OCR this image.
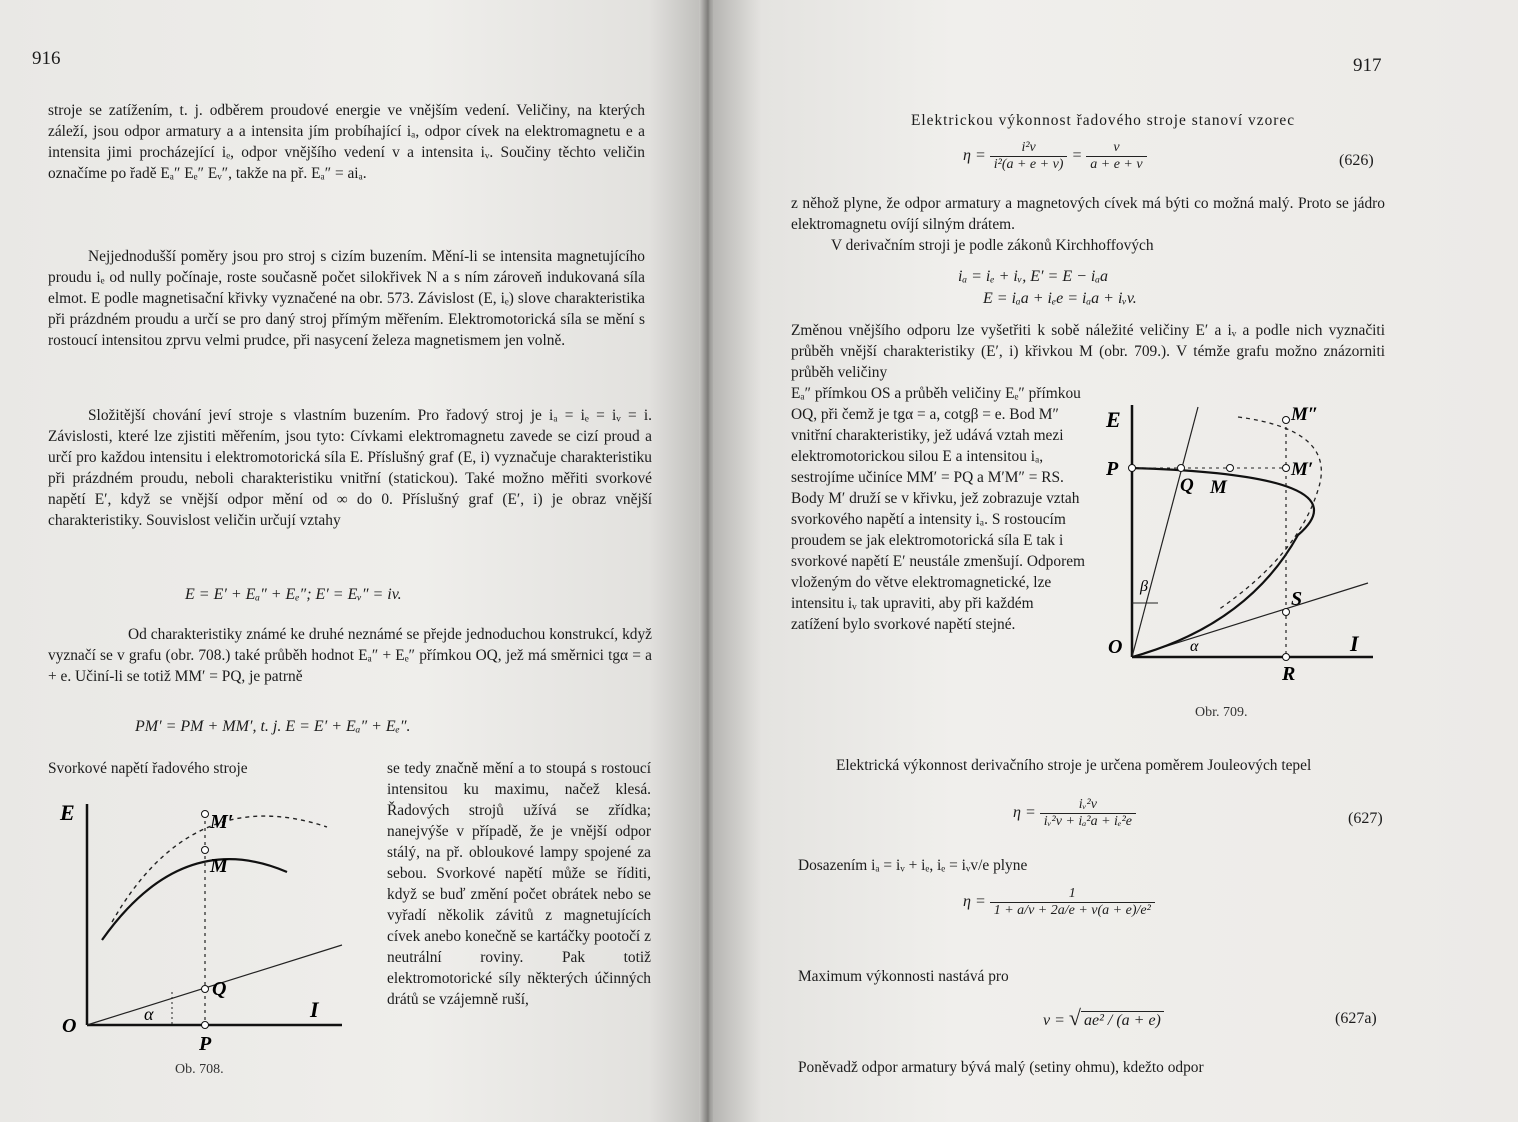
916

stroje se zatížením, t. j. odběrem proudové energie ve vnějším vedení. Veličiny, na kterých záleží, jsou odpor armatury a a intensita jím probíhající iₐ, odpor cívek na elektromagnetu e a intensita jimi procházející iₑ, odpor vnějšího vedení v a intensita iᵥ. Součiny těchto veličin označíme po řadě Eₐ″ Eₑ″ Eᵥ″, takže na př. Eₐ″ = aiₐ.

Nejjednodušší poměry jsou pro stroj s cizím buzením. Mění-li se intensita magnetujícího proudu iₑ od nully počínaje, roste současně počet silokřivek N a s ním zároveň indukovaná síla elmot. E podle magnetisační křivky vyznačené na obr. 573. Závislost (E, iₑ) slove charakteristika při prázdném proudu a určí se pro daný stroj přímým měřením. Elektromotorická síla se mění s rostoucí intensitou zprvu velmi prudce, při nasycení železa magnetismem jen volně.

Složitější chování jeví stroje s vlastním buzením. Pro řadový stroj je iₐ = iₑ = iᵥ = i. Závislosti, které lze zjistiti měřením, jsou tyto: Cívkami elektromagnetu zavede se cizí proud a určí pro každou intensitu i elektromotorická síla E. Příslušný graf (E, i) vyznačuje charakteristiku při prázdném proudu, neboli charakteristiku vnitřní (statickou). Také možno měřiti svorkové napětí E′, když se vnější odpor mění od ∞ do 0. Příslušný graf (E′, i) je obraz vnější charakteristiky. Souvislost veličin určují vztahy

E = E′ + Eₐ″ + Eₑ″; E′ = Eᵥ″ = iv.

Od charakteristiky známé ke druhé neznámé se přejde jednoduchou konstrukcí, když vyznačí se v grafu (obr. 708.) také průběh hodnot Eₐ″ + Eₑ″ přímkou OQ, jež má směrnici tgα = a + e. Učiní-li se totiž MM′ = PQ, je patrně

PM′ = PM + MM′, t. j. E = E′ + Eₐ″ + Eₑ″.

Svorkové napětí řadového stroje	se tedy značně mění a to stoupá s rostoucí intensitou ku maximu, načež klesá. Řadových strojů užívá se zřídka; nanejvýše v případě, že je vnější odpor stálý, na př. obloukové lampy spojené za sebou. Svorkové napětí může se říditi, když se buď změní počet obrátek nebo se vyřadí několik závitů z magnetujících cívek anebo konečně se kartáčky pootočí z neutrální roviny. Pak totiž elektromotorické síly některých účinných drátů se vzájemně ruší,

E
O
I
M′
M
Q
P
α
Ob. 708.
917

Elektrickou výkonnost řadového stroje stanoví vzorec

$\eta = \frac{\text{i²v}}{\text{i²(a + e + v)}} = \frac{v}{a + e + v}$	(626)

z něhož plyne, že odpor armatury a magnetových cívek má býti co možná malý. Proto se jádro elektromagnetu ovíjí silným drátem.

V derivačním stroji je podle zákonů Kirchhoffových

iₐ = iₑ + iᵥ, E′ = E − iₐa
E = iₐa + iₑe = iₐa + iᵥv.

Změnou vnějšího odporu lze vyšetřiti k sobě náležité veličiny E′ a iᵥ a podle nich vyznačiti průběh vnější charakteristiky (E′, i) křivkou M (obr. 709.). V témže grafu možno znázorniti průběh veličiny

Eₐ″ přímkou OS a průběh veličiny Eₑ″ přímkou OQ, při čemž je tgα = a, cotgβ = e. Bod M″ vnitřní charakteristiky, jež udává vztah mezi elektromotorickou silou E a intensitou iₐ, sestrojíme učiníce MM′ = PQ a M′M″ = RS. Body M′ druží se v křivku, jež zobrazuje vztah svorkového napětí a intensity iₐ. S rostoucím proudem se jak elektromotorická síla E tak i svorkové napětí E′ neustále zmenšují. Odporem vloženým do větve elektromagnetické, lze intensitu iᵥ tak upraviti, aby při každém zatížení bylo svorkové napětí stejné.

E
P
O	I
R
S
Q M
M′
M″
α
β
Obr. 709.

Elektrická výkonnost derivačního stroje je určena poměrem Jouleových tepel

$\eta = \frac{\text{iᵥ²v}}{\text{iᵥ²v + iₐ²a + iₑ²e}}$	(627)

Dosazením iₐ = iᵥ + iₑ, iₑ = iᵥv/e plyne

$\eta = \frac{1}{\text{1 + a/v + 2a/e + v(a + e)/e²}}$

Maximum výkonnosti nastává pro

v = √ ae² / (a + e)	(627a)

Poněvadž odpor armatury bývá malý (setiny ohmu), kdežto odpor
